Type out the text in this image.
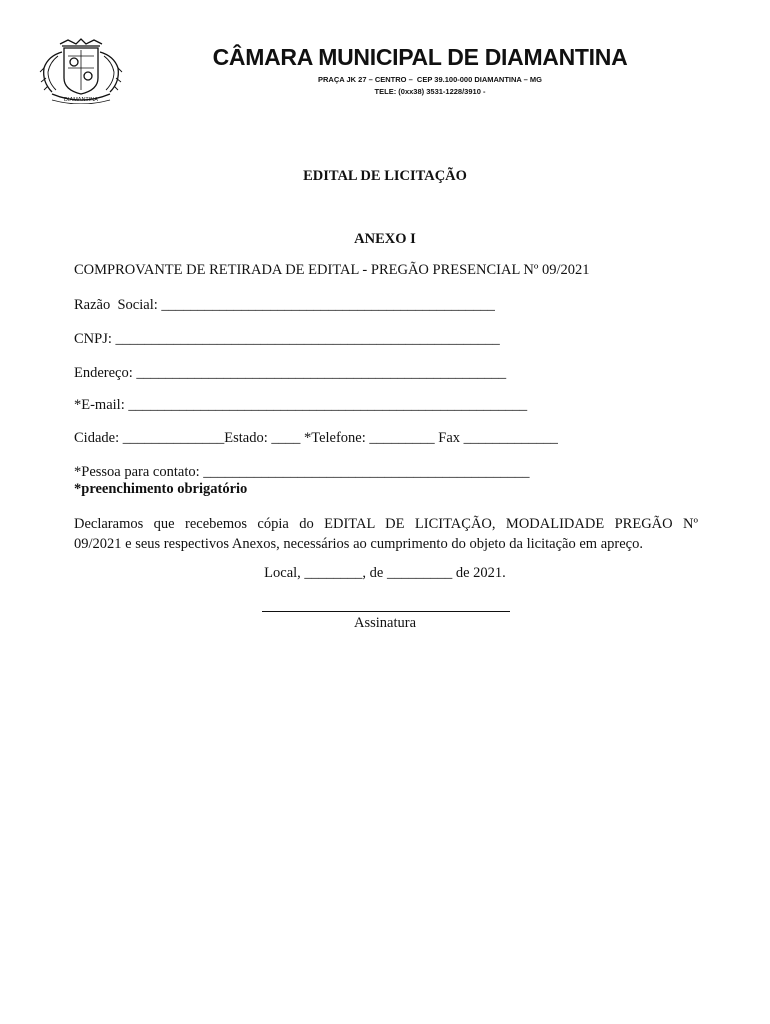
DIAMANTINA
CÂMARA MUNICIPAL DE DIAMANTINA
PRAÇA JK 27 – CENTRO –  CEP 39.100-000 DIAMANTINA – MG
TELE: (0xx38) 3531-1228/3910 -
EDITAL DE LICITAÇÃO
ANEXO I
COMPROVANTE DE RETIRADA DE EDITAL - PREGÃO PRESENCIAL Nº 09/2021
Razão  Social: ______________________________________________
CNPJ: _____________________________________________________
Endereço: ___________________________________________________
*E-mail: _______________________________________________________
Cidade: ______________Estado: ____ *Telefone: _________ Fax _____________
*Pessoa para contato: _____________________________________________
*preenchimento obrigatório
Declaramos que recebemos cópia do EDITAL DE LICITAÇÃO, MODALIDADE PREGÃO Nº
09/2021 e seus respectivos Anexos, necessários ao cumprimento do objeto da licitação em apreço.
Local, ________, de _________ de 2021.
Assinatura
